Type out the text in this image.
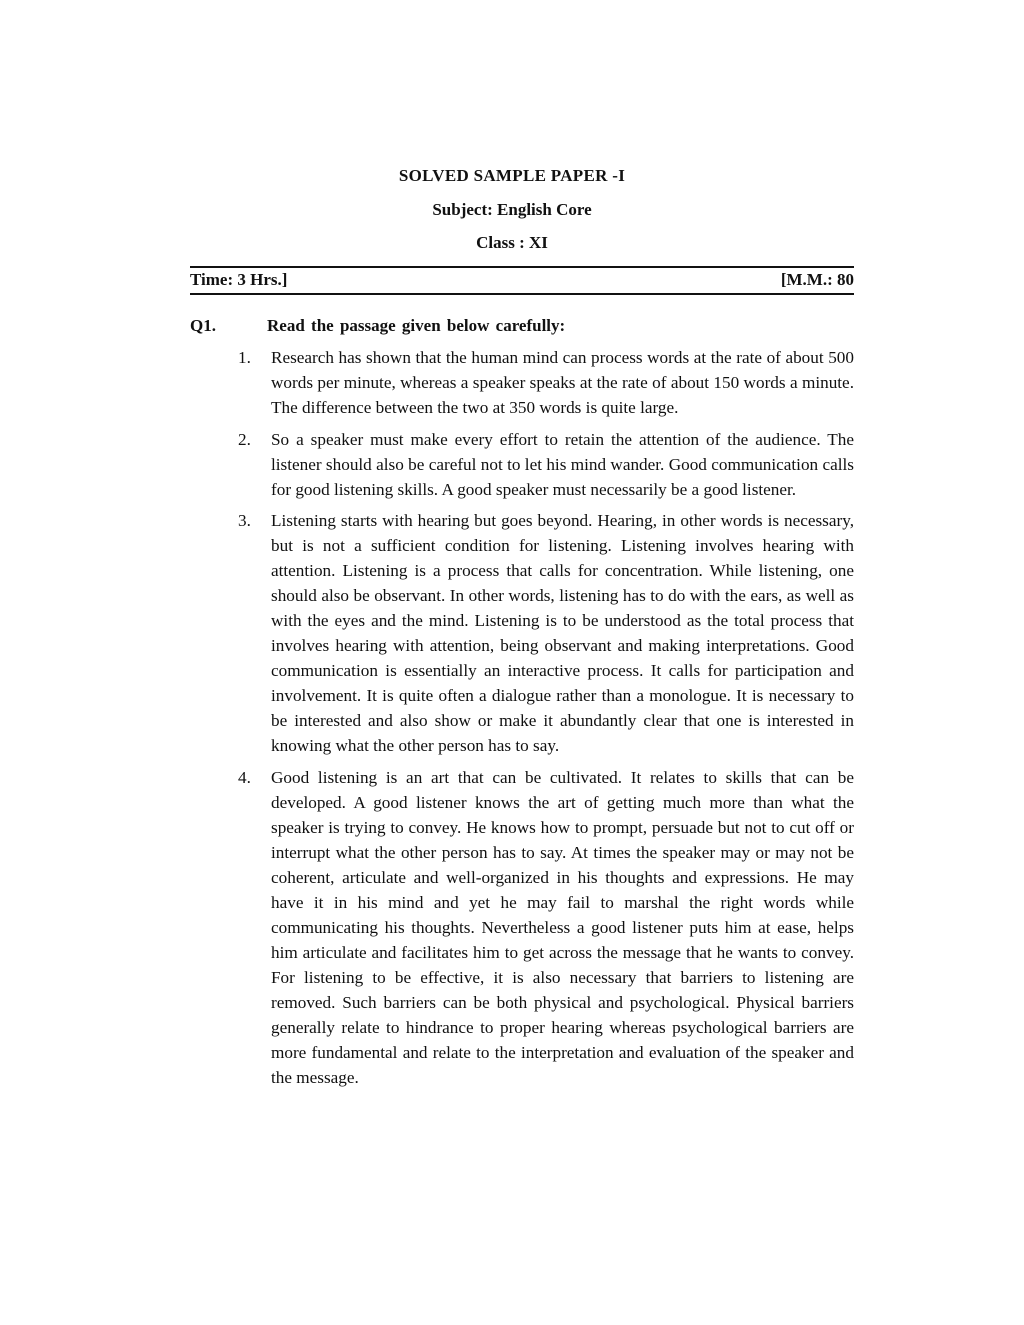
SOLVED SAMPLE PAPER -I
Subject: English Core
Class : XI
Time: 3 Hrs.]	[M.M.: 80
Q1.	Read the passage given below carefully:
1.	Research has shown that the human mind can process words at the rate of about 500 words per minute, whereas a speaker speaks at the rate of about 150 words a minute. The difference between the two at 350 words is quite large.

2.	So a speaker must make every effort to retain the attention of the audience. The listener should also be careful not to let his mind wander. Good communication calls for good listening skills. A good speaker must necessarily be a good listener.

3.	Listening starts with hearing but goes beyond. Hearing, in other words is necessary, but is not a sufficient condition for listening. Listening involves hearing with attention. Listening is a process that calls for concentration. While listening, one should also be observant. In other words, listening has to do with the ears, as well as with the eyes and the mind. Listening is to be understood as the total process that involves hearing with attention, being observant and making interpretations. Good communication is essentially an interactive process. It calls for participation and involvement. It is quite often a dialogue rather than a monologue. It is necessary to be interested and also show or make it abundantly clear that one is interested in knowing what the other person has to say.

4.	Good listening is an art that can be cultivated. It relates to skills that can be developed. A good listener knows the art of getting much more than what the speaker is trying to convey. He knows how to prompt, persuade but not to cut off or interrupt what the other person has to say. At times the speaker may or may not be coherent, articulate and well-organized in his thoughts and expressions. He may have it in his mind and yet he may fail to marshal the right words while communicating his thoughts. Nevertheless a good listener puts him at ease, helps him articulate and facilitates him to get across the message that he wants to convey. For listening to be effective, it is also necessary that barriers to listening are removed. Such barriers can be both physical and psychological. Physical barriers generally relate to hindrance to proper hearing whereas psychological barriers are more fundamental and relate to the interpretation and evaluation of the speaker and the message.
